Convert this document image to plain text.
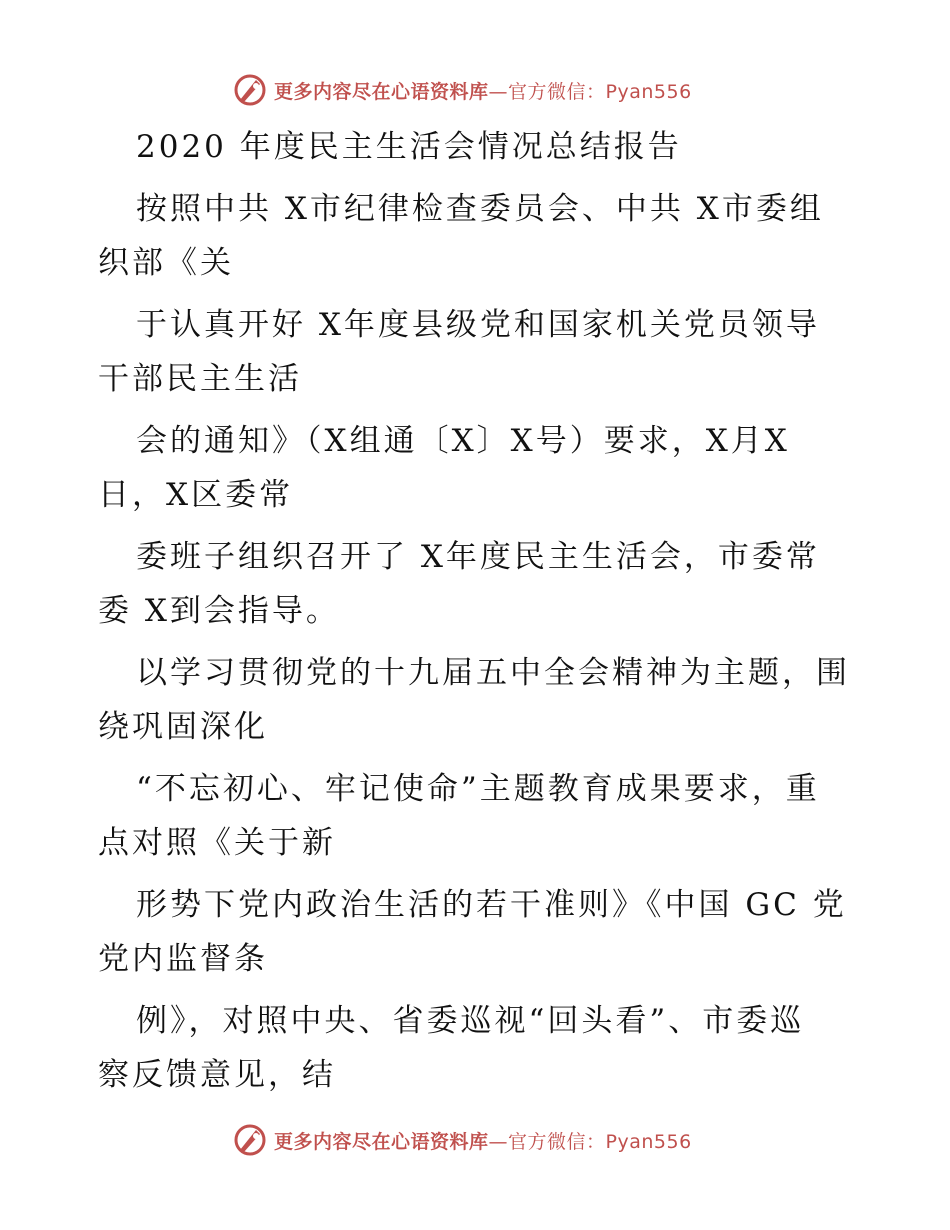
更多内容尽在心语资料库—官方微信：Pyan556
2020 年度民主生活会情况总结报告
按照中共 X市纪律检查委员会、中共 X市委组
织部《关
于认真开好 X年度县级党和国家机关党员领导
干部民主生活
会的通知》（X组通〔X〕X号）要求，X月X
日，X区委常
委班子组织召开了 X年度民主生活会，市委常
委 X到会指导。
以学习贯彻党的十九届五中全会精神为主题，围
绕巩固深化
“不忘初心、牢记使命”主题教育成果要求，重
点对照《关于新
形势下党内政治生活的若干准则》《中国 GC 党
党内监督条
例》，对照中央、省委巡视“回头看”、市委巡
察反馈意见，结
更多内容尽在心语资料库—官方微信：Pyan556
